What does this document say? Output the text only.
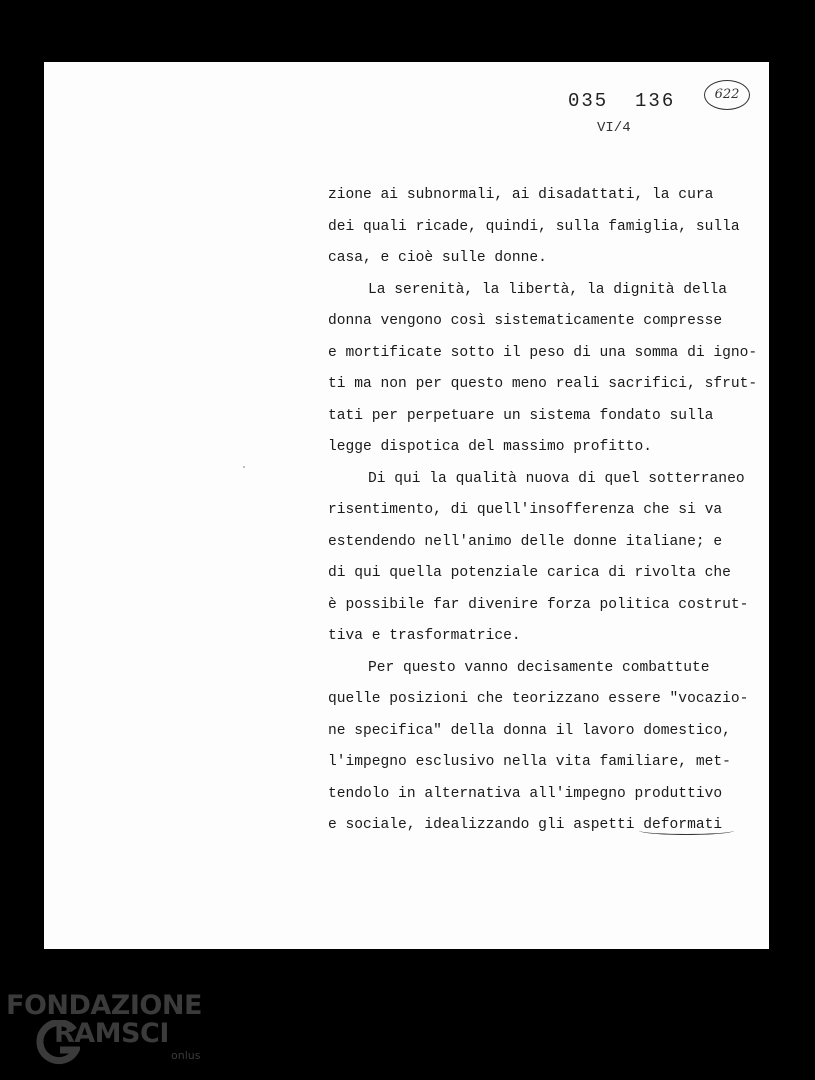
035  136	622
VI/4
zione ai subnormali, ai disadattati, la cura
dei quali ricade, quindi, sulla famiglia, sulla
casa, e cioè sulle donne.
La serenità, la libertà, la dignità della
donna vengono così sistematicamente compresse
e mortificate sotto il peso di una somma di igno-
ti ma non per questo meno reali sacrifici, sfrut-
tati per perpetuare un sistema fondato sulla
legge dispotica del massimo profitto.
Di qui la qualità nuova di quel sotterraneo
risentimento, di quell'insofferenza che si va
estendendo nell'animo delle donne italiane; e
di qui quella potenziale carica di rivolta che
è possibile far divenire forza politica costrut-
tiva e trasformatrice.
Per questo vanno decisamente combattute
quelle posizioni che teorizzano essere "vocazio-
ne specifica" della donna il lavoro domestico,
l'impegno esclusivo nella vita familiare, met-
tendolo in alternativa all'impegno produttivo
e sociale, idealizzando gli aspetti deformati
FONDAZIONE
RAMSCI
onlus
